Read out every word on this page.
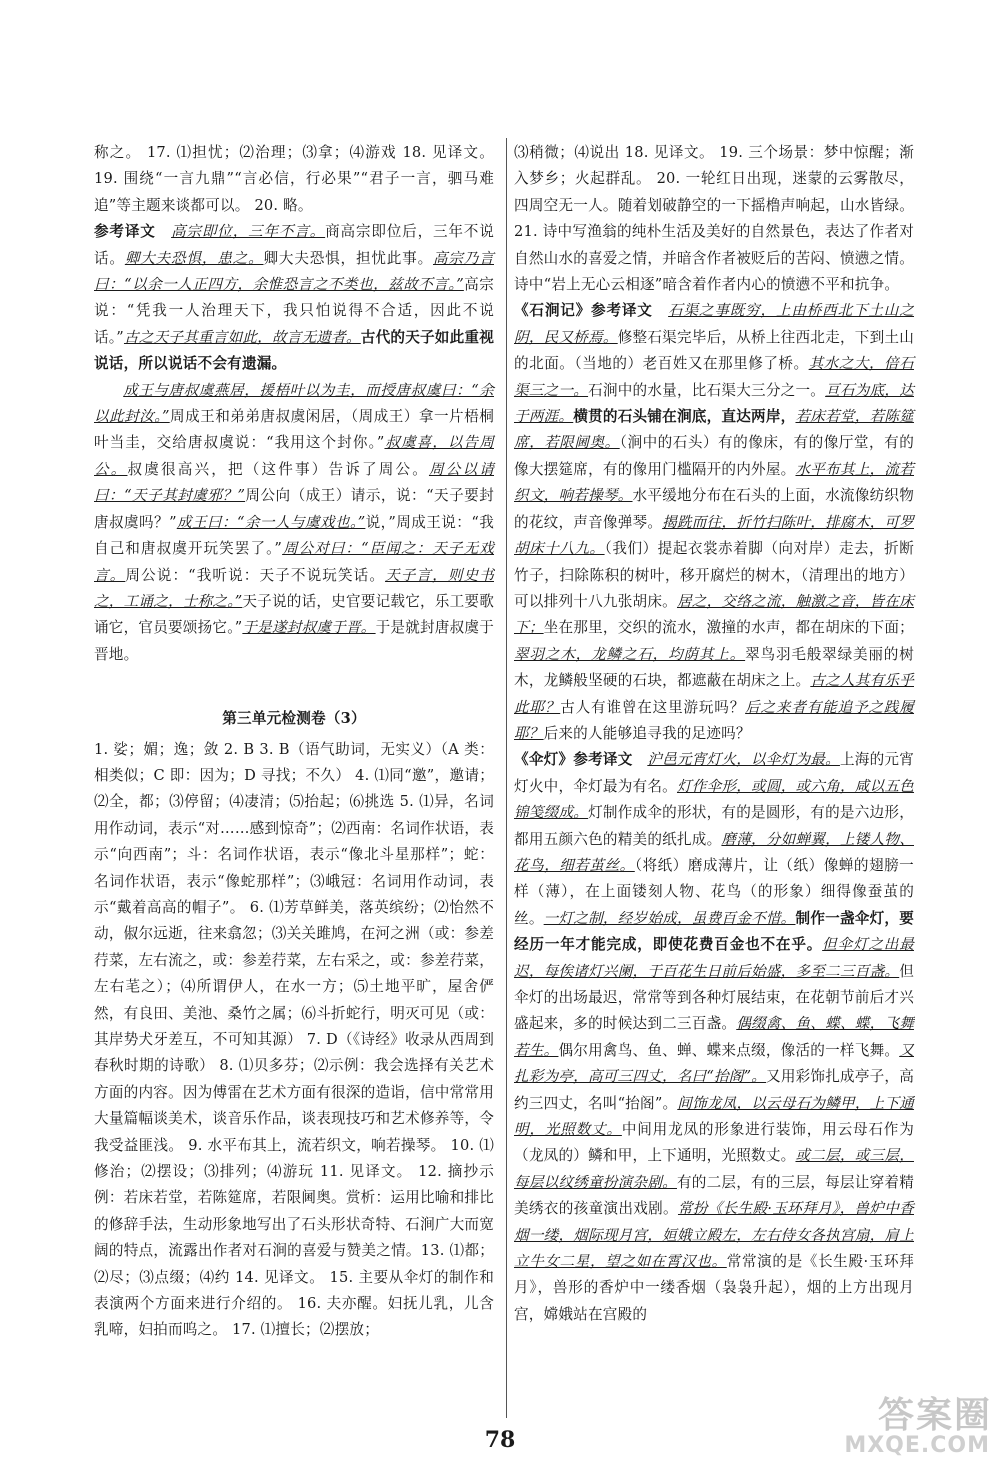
称之。 17. ⑴担忧；⑵治理；⑶拿；⑷游戏 18. 见译文。19. 围绕“一言九鼎”“言必信，行必果”“君子一言，驷马难追”等主题来谈都可以。 20. 略。

参考译文　 高宗即位，三年不言。商高宗即位后，三年不说话。卿大夫恐惧，患之。卿大夫恐惧，担忧此事。高宗乃言曰：“以余一人正四方，余惟恐言之不类也，兹故不言。”高宗说：“凭我一人治理天下，我只怕说得不合适，因此不说话。”古之天子其重言如此，故言无遗者。古代的天子如此重视说话，所以说话不会有遗漏。

成王与唐叔虞燕居，援梧叶以为圭，而授唐叔虞曰：“余以此封汝。”周成王和弟弟唐叔虞闲居，（周成王）拿一片梧桐叶当圭，交给唐叔虞说：“我用这个封你。”叔虞喜，以告周公。叔虞很高兴，把（这件事）告诉了周公。周公以请曰：“天子其封虞邪？”周公向（成王）请示，说：“天子要封唐叔虞吗？”成王曰：“余一人与虞戏也。”说，”周成王说：“我自己和唐叔虞开玩笑罢了。”周公对曰：“臣闻之：天子无戏言。周公说：“我听说：天子不说玩笑话。天子言，则史书之，工诵之，士称之。”天子说的话，史官要记载它，乐工要歌诵它，官员要颂扬它。”于是遂封叔虞于晋。于是就封唐叔虞于晋地。

第三单元检测卷（3）

1. 娑；媚；逸；敛 2. B 3. B（语气助词，无实义）（A 类：相类似；C 即：因为；D 寻找；不久） 4. ⑴同“邀”，邀请；⑵全，都；⑶停留；⑷凄清；⑸抬起；⑹挑选 5. ⑴异，名词用作动词，表示“对……感到惊奇”；⑵西南：名词作状语，表示“向西南”；斗：名词作状语，表示“像北斗星那样”；蛇：名词作状语，表示“像蛇那样”；⑶峨冠：名词用作动词，表示“戴着高高的帽子”。 6. ⑴芳草鲜美，落英缤纷；⑵怡然不动，俶尔远逝，往来翕忽；⑶关关雎鸠，在河之洲（或：参差荇菜，左右流之，或：参差荇菜，左右采之，或：参差荇菜，左右芼之）；⑷所谓伊人，在水一方；⑸土地平旷，屋舍俨然，有良田、美池、桑竹之属；⑹斗折蛇行，明灭可见（或：其岸势犬牙差互，不可知其源） 7. D（《诗经》收录从西周到春秋时期的诗歌） 8. ⑴贝多芬；⑵示例：我会选择有关艺术方面的内容。因为傅雷在艺术方面有很深的造诣，信中常常用大量篇幅谈美术，谈音乐作品，谈表现技巧和艺术修养等，令我受益匪浅。 9. 水平布其上，流若织文，响若操琴。 10. ⑴修治；⑵摆设；⑶排列；⑷游玩 11. 见译文。 12. 摘抄示例：若床若堂，若陈筵席，若限阃奥。赏析：运用比喻和排比的修辞手法，生动形象地写出了石头形状奇特、石涧广大而宽阔的特点，流露出作者对石涧的喜爱与赞美之情。13. ⑴都；⑵尽；⑶点缀；⑷约 14. 见译文。 15. 主要从伞灯的制作和表演两个方面来进行介绍的。 16. 夫亦醒。妇抚儿乳，儿含乳啼，妇拍而呜之。 17. ⑴擅长；⑵摆放；

⑶稍微；⑷说出 18. 见译文。 19. 三个场景：梦中惊醒；渐入梦乡；火起群乱。 20. 一轮红日出现，迷蒙的云雾散尽，四周空无一人。随着划破静空的一下摇橹声响起，山水皆绿。 21. 诗中写渔翁的纯朴生活及美好的自然景色，表达了作者对自然山水的喜爱之情，并暗含作者被贬后的苦闷、愤懑之情。诗中“岩上无心云相逐”暗含着作者内心的愤懑不平和抗争。

《石涧记》参考译文　 石渠之事既穷，上由桥西北下土山之阴，民又桥焉。修整石渠完毕后，从桥上往西北走，下到土山的北面。（当地的）老百姓又在那里修了桥。其水之大，倍石渠三之一。石涧中的水量，比石渠大三分之一。亘石为底，达于两涯。横贯的石头铺在涧底，直达两岸，若床若堂，若陈筵席，若限阃奥。（涧中的石头）有的像床，有的像厅堂，有的像大摆筵席，有的像用门槛隔开的内外屋。水平布其上，流若织文，响若操琴。水平缓地分布在石头的上面，水流像纺织物的花纹，声音像弹琴。揭跣而往，折竹扫陈叶，排腐木，可罗胡床十八九。（我们）提起衣裳赤着脚（向对岸）走去，折断竹子，扫除陈积的树叶，移开腐烂的树木，（清理出的地方）可以排列十八九张胡床。居之，交络之流，触激之音，皆在床下；坐在那里，交织的流水，激撞的水声，都在胡床的下面；翠羽之木，龙鳞之石，均荫其上。翠鸟羽毛般翠绿美丽的树木，龙鳞般坚硬的石块，都遮蔽在胡床之上。古之人其有乐乎此耶？古人有谁曾在这里游玩吗？后之来者有能追予之践履耶？后来的人能够追寻我的足迹吗？

《伞灯》参考译文　 沪邑元宵灯火，以伞灯为最。上海的元宵灯火中，伞灯最为有名。灯作伞形，或圆，或六角，咸以五色锦笺缀成。灯制作成伞的形状，有的是圆形，有的是六边形，都用五颜六色的精美的纸扎成。磨薄，分如蝉翼，上镂人物、花鸟，细若茧丝。（将纸）磨成薄片，让（纸）像蝉的翅膀一样（薄），在上面镂刻人物、花鸟（的形象）细得像蚕茧的丝。一灯之制，经岁始成，虽费百金不惜。制作一盏伞灯，要经历一年才能完成，即使花费百金也不在乎。但伞灯之出最迟，每俟诸灯兴阑，于百花生日前后始盛，多至二三百盏。但伞灯的出场最迟，常常等到各种灯展结束，在花朝节前后才兴盛起来，多的时候达到二三百盏。偶缀禽、鱼、蝶、蝶，飞舞若生。偶尔用禽鸟、鱼、蝉、蝶来点缀，像活的一样飞舞。又扎彩为亭，高可三四丈，名曰“抬阁”。又用彩饰扎成亭子，高约三四丈，名叫“抬阁”。间饰龙凤，以云母石为鳞甲，上下通明，光照数丈。中间用龙凤的形象进行装饰，用云母石作为（龙凤的）鳞和甲，上下通明，光照数丈。或二层，或三层，每层以纹绣童扮演杂剧。有的二层，有的三层，每层让穿着精美绣衣的孩童演出戏剧。常扮《长生殿·玉环拜月》，兽炉中香烟一缕，烟际现月宫，姮娥立殿左，左右侍女各执宫扇，肩上立牛女二星，望之如在霄汉也。常常演的是《长生殿·玉环拜月》，兽形的香炉中一缕香烟（袅袅升起），烟的上方出现月宫，嫦娥站在宫殿的

78
答案圈
MXQE.COM
